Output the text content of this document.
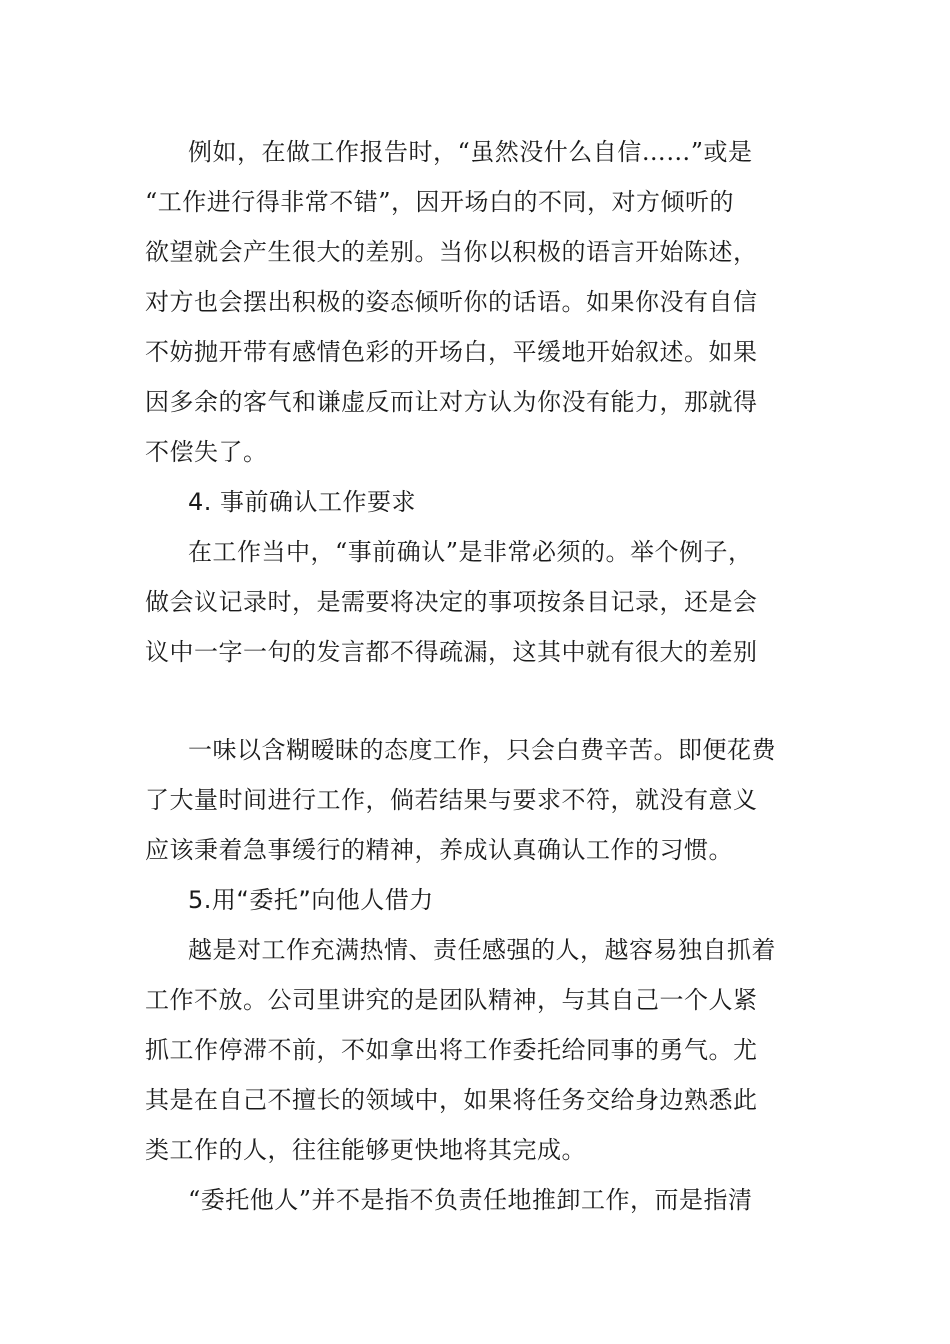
例如，在做工作报告时，“虽然没什么自信……”或是

“工作进行得非常不错”，因开场白的不同，对方倾听的

欲望就会产生很大的差别。当你以积极的语言开始陈述，

对方也会摆出积极的姿态倾听你的话语。如果你没有自信

不妨抛开带有感情色彩的开场白，平缓地开始叙述。如果

因多余的客气和谦虚反而让对方认为你没有能力，那就得

不偿失了。

4. 事前确认工作要求

在工作当中，“事前确认”是非常必须的。举个例子，

做会议记录时，是需要将决定的事项按条目记录，还是会

议中一字一句的发言都不得疏漏，这其中就有很大的差别

一味以含糊暧昧的态度工作，只会白费辛苦。即便花费

了大量时间进行工作，倘若结果与要求不符，就没有意义

应该秉着急事缓行的精神，养成认真确认工作的习惯。

5.用“委托”向他人借力

越是对工作充满热情、责任感强的人，越容易独自抓着

工作不放。公司里讲究的是团队精神，与其自己一个人紧

抓工作停滞不前，不如拿出将工作委托给同事的勇气。尤

其是在自己不擅长的领域中，如果将任务交给身边熟悉此

类工作的人，往往能够更快地将其完成。

“委托他人”并不是指不负责任地推卸工作，而是指清
